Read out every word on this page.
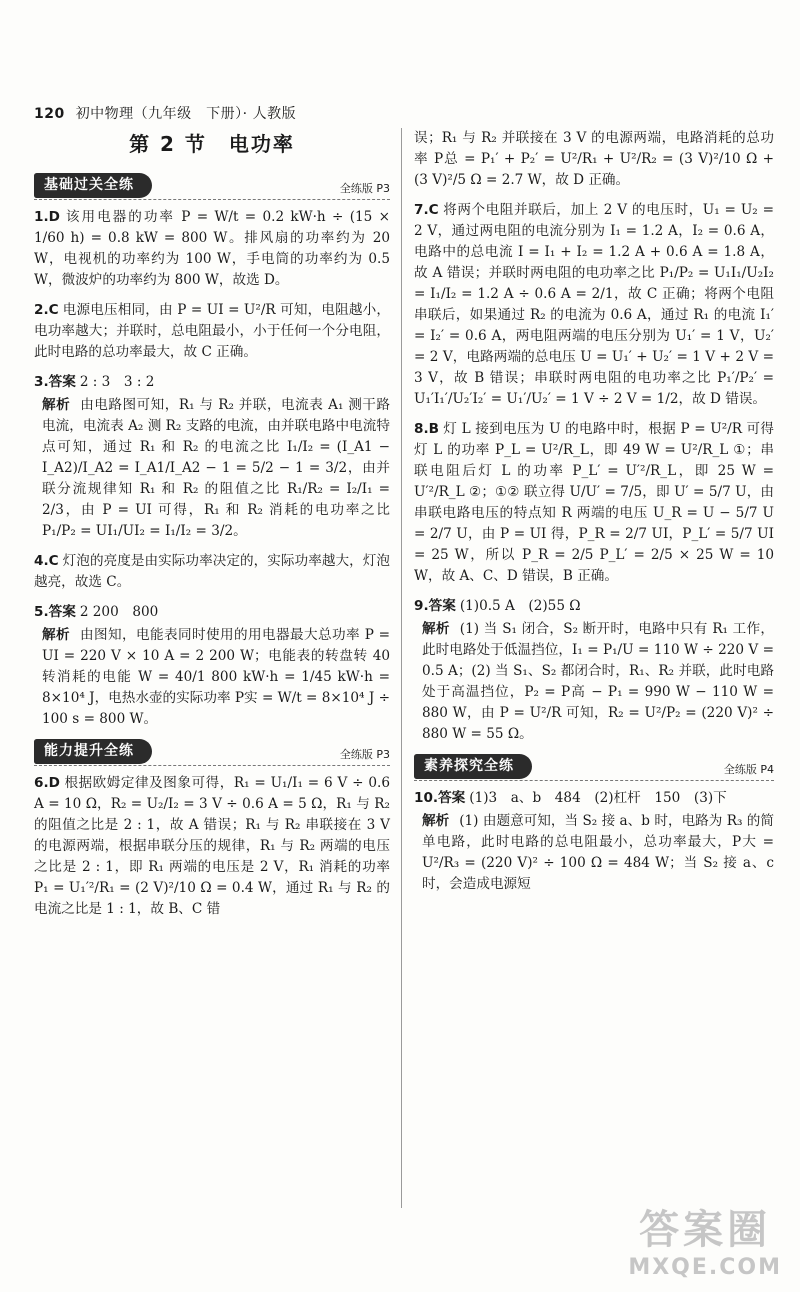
120 初中物理（九年级　下册）· 人教版
第 2 节　电功率
基础过关全练	全练版 P3

1.D 该用电器的功率 P = W/t = 0.2 kW·h ÷ (15 × 1/60 h) = 0.8 kW = 800 W。排风扇的功率约为 20 W，电视机的功率约为 100 W，手电筒的功率约为 0.5 W，微波炉的功率约为 800 W，故选 D。

2.C 电源电压相同，由 P = UI = U²/R 可知，电阻越小，电功率越大；并联时，总电阻最小，小于任何一个分电阻，此时电路的总功率最大，故 C 正确。

3.答案 2 : 3　3 : 2

解析 由电路图可知，R₁ 与 R₂ 并联，电流表 A₁ 测干路电流，电流表 A₂ 测 R₂ 支路的电流，由并联电路中电流特点可知，通过 R₁ 和 R₂ 的电流之比 I₁/I₂ = (I_A1 − I_A2)/I_A2 = I_A1/I_A2 − 1 = 5/2 − 1 = 3/2，由并联分流规律知 R₁ 和 R₂ 的阻值之比 R₁/R₂ = I₂/I₁ = 2/3，由 P = UI 可得，R₁ 和 R₂ 消耗的电功率之比 P₁/P₂ = UI₁/UI₂ = I₁/I₂ = 3/2。

4.C 灯泡的亮度是由实际功率决定的，实际功率越大，灯泡越亮，故选 C。

5.答案 2 200　800

解析 由图知，电能表同时使用的用电器最大总功率 P = UI = 220 V × 10 A = 2 200 W；电能表的转盘转 40 转消耗的电能 W = 40/1 800 kW·h = 1/45 kW·h = 8×10⁴ J，电热水壶的实际功率 P实 = W/t = 8×10⁴ J ÷ 100 s = 800 W。

能力提升全练	全练版 P3

6.D 根据欧姆定律及图象可得，R₁ = U₁/I₁ = 6 V ÷ 0.6 A = 10 Ω，R₂ = U₂/I₂ = 3 V ÷ 0.6 A = 5 Ω，R₁ 与 R₂ 的阻值之比是 2 : 1，故 A 错误；R₁ 与 R₂ 串联接在 3 V 的电源两端，根据串联分压的规律，R₁ 与 R₂ 两端的电压之比是 2 : 1，即 R₁ 两端的电压是 2 V，R₁ 消耗的功率 P₁ = U₁′²/R₁ = (2 V)²/10 Ω = 0.4 W，通过 R₁ 与 R₂ 的电流之比是 1 : 1，故 B、C 错

误；R₁ 与 R₂ 并联接在 3 V 的电源两端，电路消耗的总功率 P总 = P₁′ + P₂′ = U²/R₁ + U²/R₂ = (3 V)²/10 Ω + (3 V)²/5 Ω = 2.7 W，故 D 正确。

7.C 将两个电阻并联后，加上 2 V 的电压时，U₁ = U₂ = 2 V，通过两电阻的电流分别为 I₁ = 1.2 A，I₂ = 0.6 A，电路中的总电流 I = I₁ + I₂ = 1.2 A + 0.6 A = 1.8 A，故 A 错误；并联时两电阻的电功率之比 P₁/P₂ = U₁I₁/U₂I₂ = I₁/I₂ = 1.2 A ÷ 0.6 A = 2/1，故 C 正确；将两个电阻串联后，如果通过 R₂ 的电流为 0.6 A，通过 R₁ 的电流 I₁′ = I₂′ = 0.6 A，两电阻两端的电压分别为 U₁′ = 1 V，U₂′ = 2 V，电路两端的总电压 U = U₁′ + U₂′ = 1 V + 2 V = 3 V，故 B 错误；串联时两电阻的电功率之比 P₁′/P₂′ = U₁′I₁′/U₂′I₂′ = U₁′/U₂′ = 1 V ÷ 2 V = 1/2，故 D 错误。

8.B 灯 L 接到电压为 U 的电路中时，根据 P = U²/R 可得灯 L 的功率 P_L = U²/R_L，即 49 W = U²/R_L ①；串联电阻后灯 L 的功率 P_L′ = U′²/R_L，即 25 W = U′²/R_L ②；①② 联立得 U/U′ = 7/5，即 U′ = 5/7 U，由串联电路电压的特点知 R 两端的电压 U_R = U − 5/7 U = 2/7 U，由 P = UI 得，P_R = 2/7 UI，P_L′ = 5/7 UI = 25 W，所以 P_R = 2/5 P_L′ = 2/5 × 25 W = 10 W，故 A、C、D 错误，B 正确。

9.答案 (1)0.5 A　(2)55 Ω

解析 (1) 当 S₁ 闭合，S₂ 断开时，电路中只有 R₁ 工作，此时电路处于低温挡位，I₁ = P₁/U = 110 W ÷ 220 V = 0.5 A；(2) 当 S₁、S₂ 都闭合时，R₁、R₂ 并联，此时电路处于高温挡位，P₂ = P高 − P₁ = 990 W − 110 W = 880 W，由 P = U²/R 可知，R₂ = U²/P₂ = (220 V)² ÷ 880 W = 55 Ω。

素养探究全练	全练版 P4

10.答案 (1)3　a、b　484　(2)杠杆　150　(3)下

解析 (1) 由题意可知，当 S₂ 接 a、b 时，电路为 R₃ 的简单电路，此时电路的总电阻最小，总功率最大，P大 = U²/R₃ = (220 V)² ÷ 100 Ω = 484 W；当 S₂ 接 a、c 时，会造成电源短

答案圈
MXQE.COM
